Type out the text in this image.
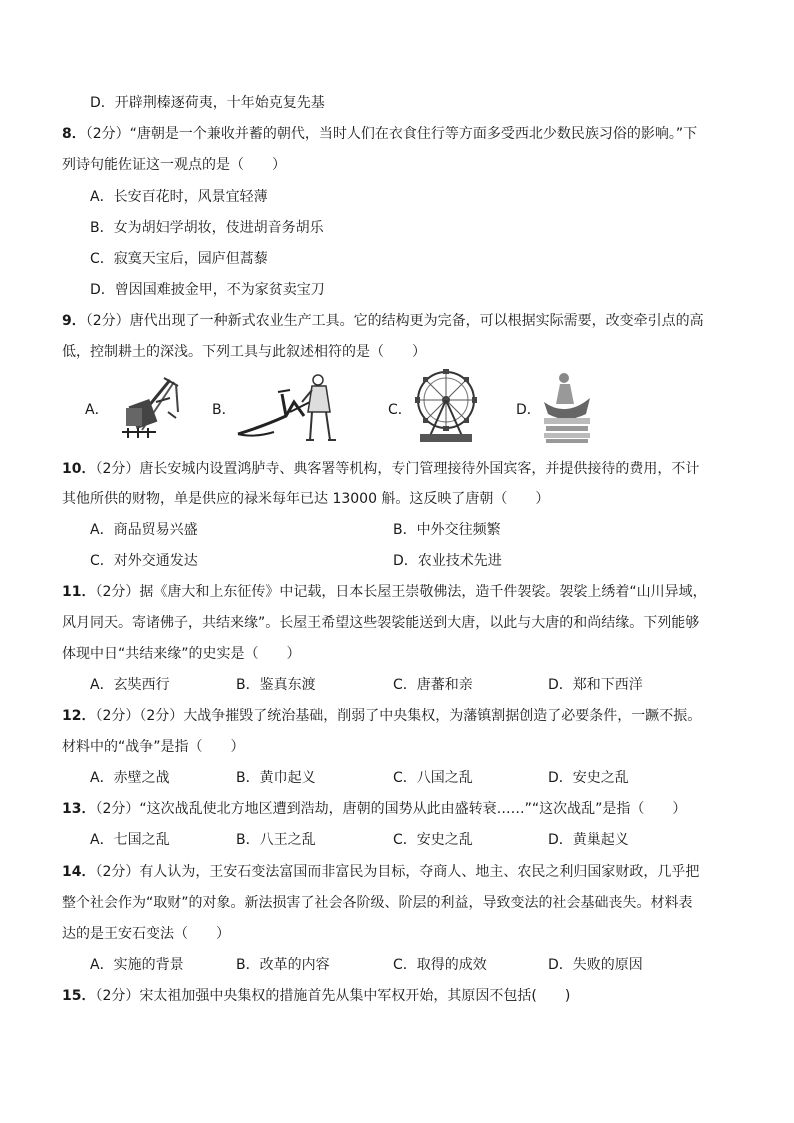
D．开辟荆榛逐荷夷，十年始克复先基
8．（2分）“唐朝是一个兼收并蓄的朝代，当时人们在衣食住行等方面多受西北少数民族习俗的影响。”下
列诗句能佐证这一观点的是（　　）
A．长安百花时，风景宜轻薄
B．女为胡妇学胡妆，伎进胡音务胡乐
C．寂寞天宝后，园庐但蒿藜
D．曾因国难披金甲，不为家贫卖宝刀
9．（2分）唐代出现了一种新式农业生产工具。它的结构更为完备，可以根据实际需要，改变牵引点的高
低，控制耕土的深浅。下列工具与此叙述相符的是（　　）
A．	B．	C．	D．
10．（2分）唐长安城内设置鸿胪寺、典客署等机构，专门管理接待外国宾客，并提供接待的费用，不计
其他所供的财物，单是供应的禄米每年已达 13000 斛。这反映了唐朝（　　）
A．商品贸易兴盛	B．中外交往频繁
C．对外交通发达	D．农业技术先进
11．（2分）据《唐大和上东征传》中记载，日本长屋王崇敬佛法，造千件袈裟。袈裟上绣着“山川异域，
风月同天。寄诸佛子，共结来缘”。长屋王希望这些袈裟能送到大唐，以此与大唐的和尚结缘。下列能够
体现中日“共结来缘”的史实是（　　）
A．玄奘西行	B．鉴真东渡	C．唐蕃和亲	D．郑和下西洋
12．（2分）（2分）大战争摧毁了统治基础，削弱了中央集权，为藩镇割据创造了必要条件，一蹶不振。
材料中的“战争”是指（　　）
A．赤壁之战	B．黄巾起义	C．八国之乱	D．安史之乱
13．（2分）“这次战乱使北方地区遭到浩劫，唐朝的国势从此由盛转衰……”“这次战乱”是指（　　）
A．七国之乱	B．八王之乱	C．安史之乱	D．黄巢起义
14．（2分）有人认为，王安石变法富国而非富民为目标，夺商人、地主、农民之利归国家财政，几乎把
整个社会作为“取财”的对象。新法损害了社会各阶级、阶层的利益，导致变法的社会基础丧失。材料表
达的是王安石变法（　　）
A．实施的背景	B．改革的内容	C．取得的成效	D．失败的原因
15．（2分）宋太祖加强中央集权的措施首先从集中军权开始，其原因不包括(　　)
